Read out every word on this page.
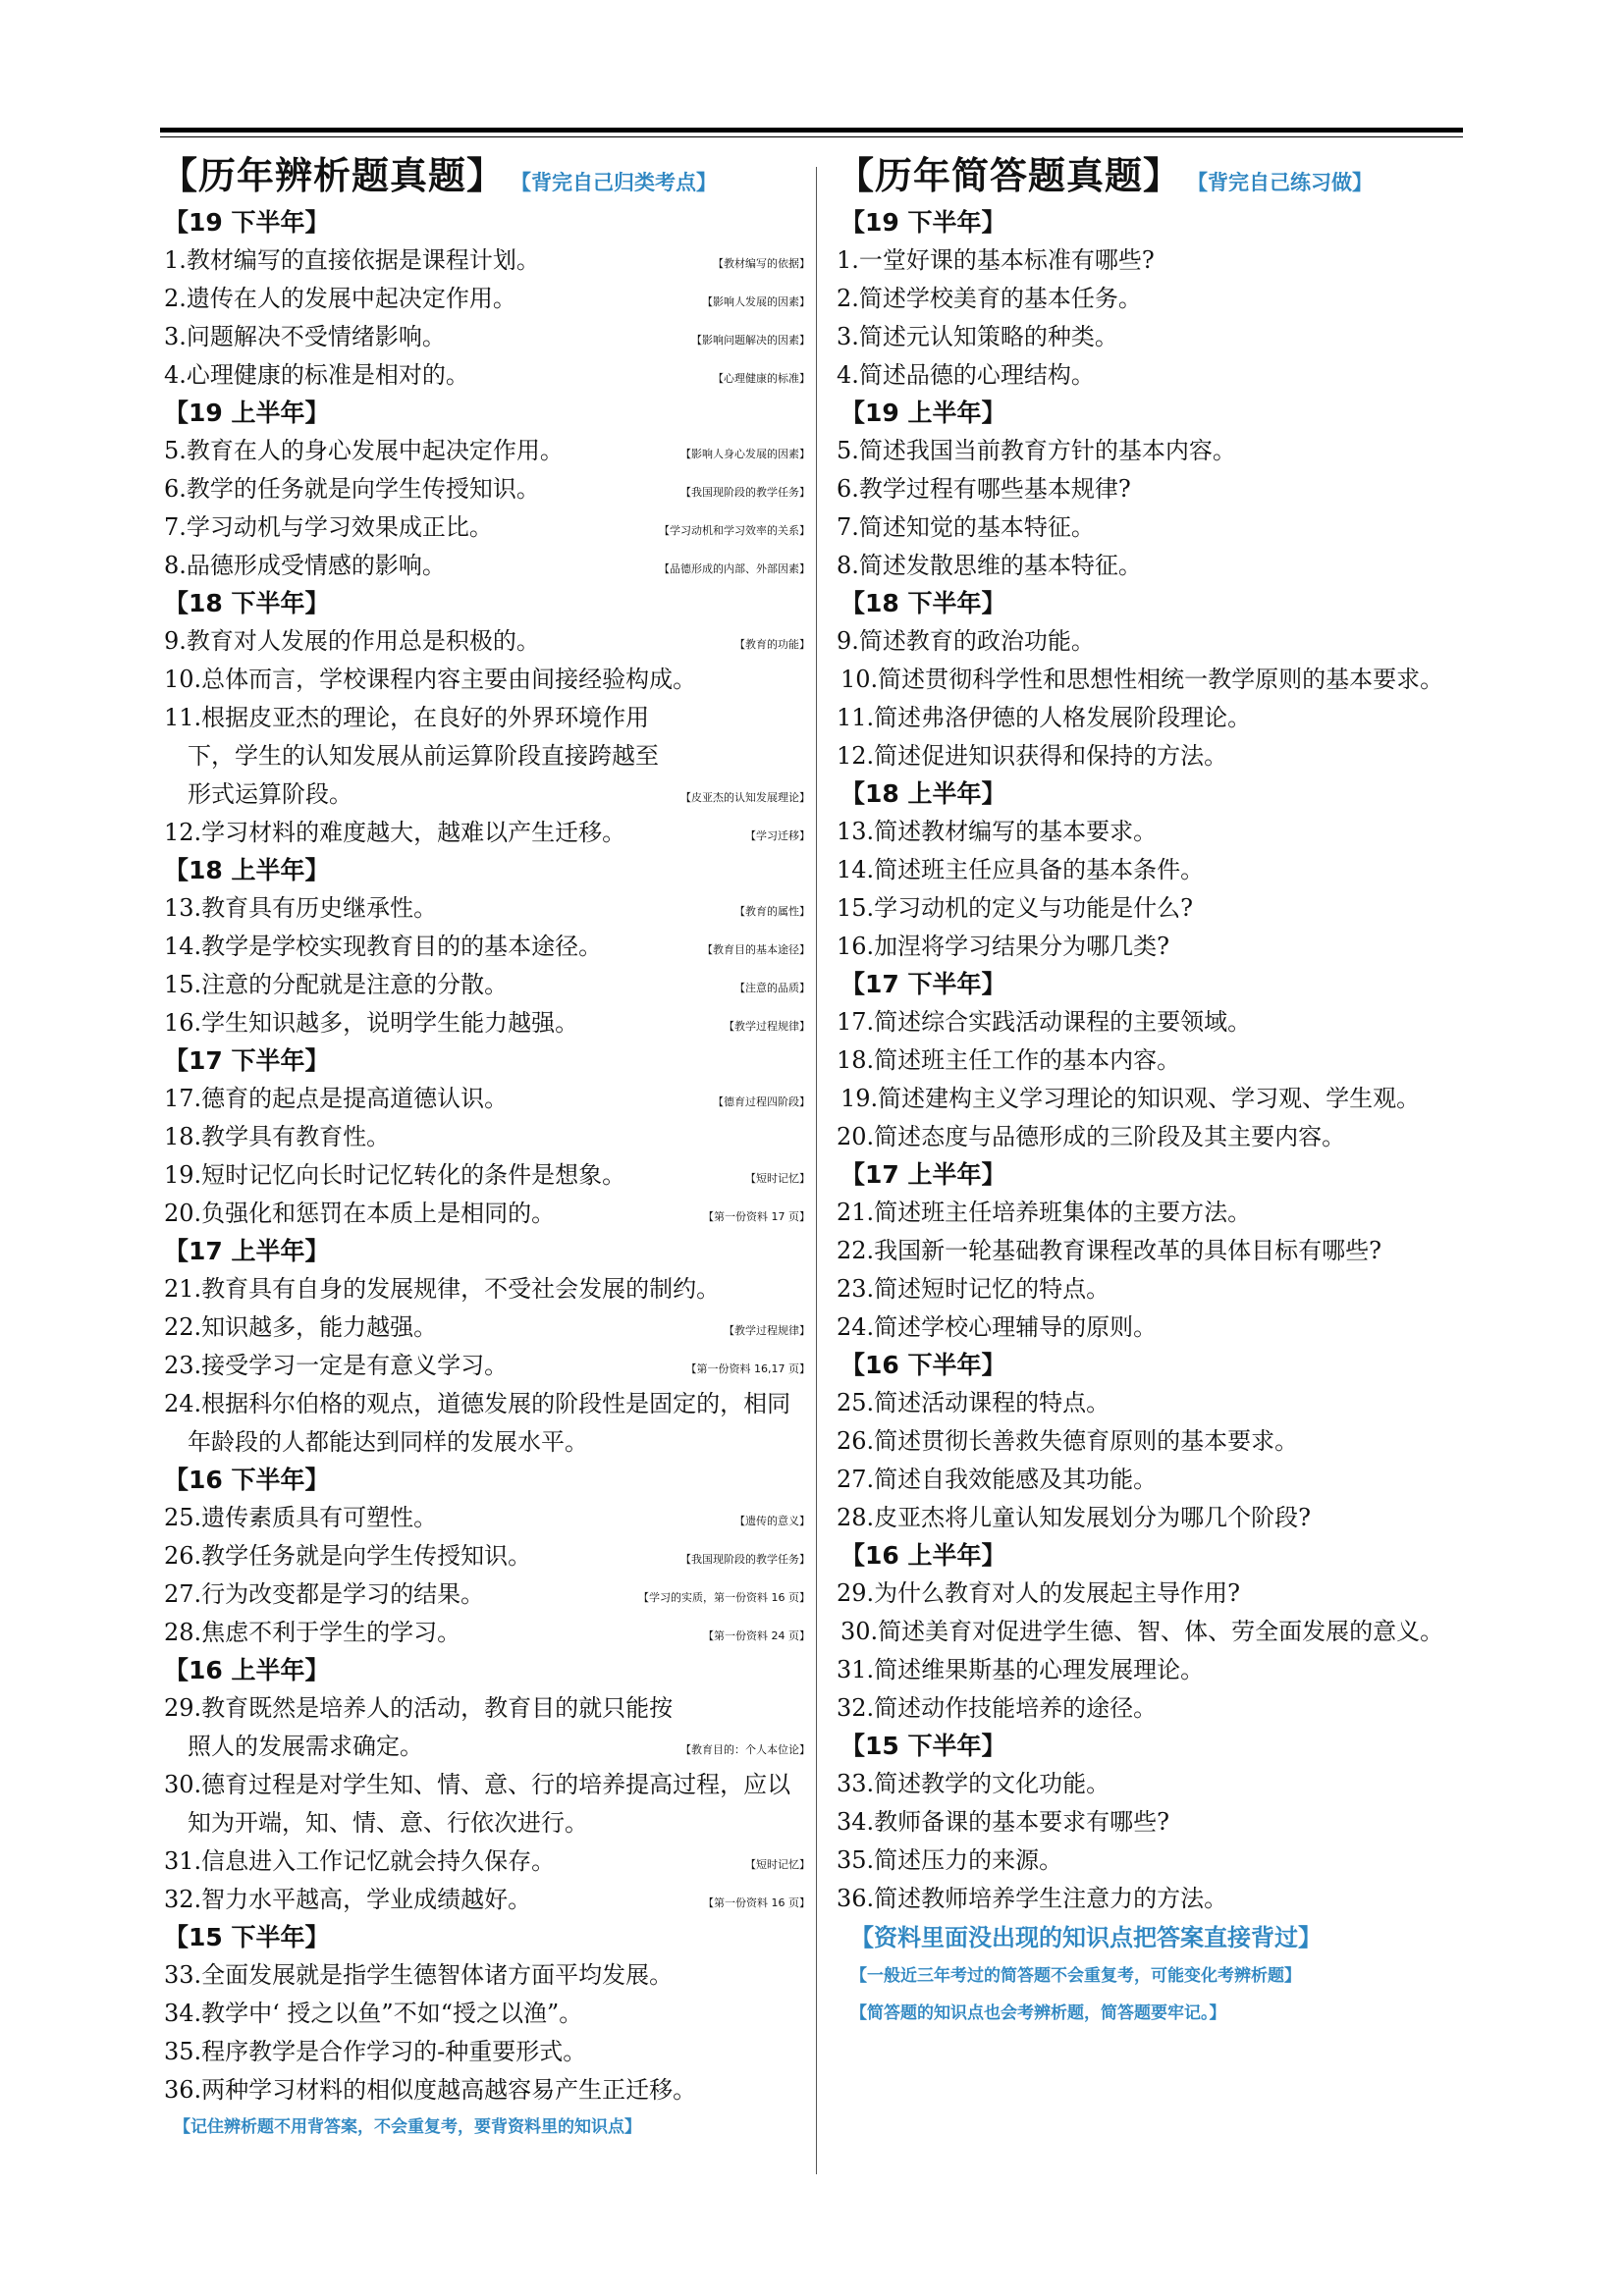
【历年辨析题真题】 【背完自己归类考点】
【19 下半年】
1.教材编写的直接依据是课程计划。	【教材编写的依据】
2.遗传在人的发展中起决定作用。	【影响人发展的因素】
3.问题解决不受情绪影响。	【影响问题解决的因素】
4.心理健康的标准是相对的。	【心理健康的标准】
【19 上半年】
5.教育在人的身心发展中起决定作用。	【影响人身心发展的因素】
6.教学的任务就是向学生传授知识。	【我国现阶段的教学任务】
7.学习动机与学习效果成正比。	【学习动机和学习效率的关系】
8.品德形成受情感的影响。	【品德形成的内部、外部因素】
【18 下半年】
9.教育对人发展的作用总是积极的。	【教育的功能】
10.总体而言，学校课程内容主要由间接经验构成。
11.根据皮亚杰的理论，在良好的外界环境作用下，学生的认知发展从前运算阶段直接跨越至形式运算阶段。	【皮亚杰的认知发展理论】
12.学习材料的难度越大，越难以产生迁移。	【学习迁移】
【18 上半年】
13.教育具有历史继承性。	【教育的属性】
14.教学是学校实现教育目的的基本途径。	【教育目的基本途径】
15.注意的分配就是注意的分散。	【注意的品质】
16.学生知识越多，说明学生能力越强。	【教学过程规律】
【17 下半年】
17.德育的起点是提高道德认识。	【德育过程四阶段】
18.教学具有教育性。
19.短时记忆向长时记忆转化的条件是想象。	【短时记忆】
20.负强化和惩罚在本质上是相同的。	【第一份资料 17 页】
【17 上半年】
21.教育具有自身的发展规律，不受社会发展的制约。
22.知识越多，能力越强。	【教学过程规律】
23.接受学习一定是有意义学习。	【第一份资料 16,17 页】
24.根据科尔伯格的观点，道德发展的阶段性是固定的，相同年龄段的人都能达到同样的发展水平。
【16 下半年】
25.遗传素质具有可塑性。	【遗传的意义】
26.教学任务就是向学生传授知识。	【我国现阶段的教学任务】
27.行为改变都是学习的结果。	【学习的实质，第一份资料 16 页】
28.焦虑不利于学生的学习。	【第一份资料 24 页】
【16 上半年】
29.教育既然是培养人的活动，教育目的就只能按照人的发展需求确定。	【教育目的：个人本位论】
30.德育过程是对学生知、情、意、行的培养提高过程，应以知为开端，知、情、意、行依次进行。
31.信息进入工作记忆就会持久保存。	【短时记忆】
32.智力水平越高，学业成绩越好。	【第一份资料 16 页】
【15 下半年】
33.全面发展就是指学生德智体诸方面平均发展。
34.教学中‘ 授之以鱼”不如“授之以渔”。
35.程序教学是合作学习的-种重要形式。
36.两种学习材料的相似度越高越容易产生正迁移。
【记住辨析题不用背答案，不会重复考，要背资料里的知识点】
【历年简答题真题】 【背完自己练习做】
【19 下半年】
1.一堂好课的基本标准有哪些?
2.简述学校美育的基本任务。
3.简述元认知策略的种类。
4.简述品德的心理结构。
【19 上半年】
5.简述我国当前教育方针的基本内容。
6.教学过程有哪些基本规律?
7.简述知觉的基本特征。
8.简述发散思维的基本特征。
【18 下半年】
9.简述教育的政治功能。
10.简述贯彻科学性和思想性相统一教学原则的基本要求。
11.简述弗洛伊德的人格发展阶段理论。
12.简述促进知识获得和保持的方法。
【18 上半年】
13.简述教材编写的基本要求。
14.简述班主任应具备的基本条件。
15.学习动机的定义与功能是什么?
16.加涅将学习结果分为哪几类?
【17 下半年】
17.简述综合实践活动课程的主要领域。
18.简述班主任工作的基本内容。
19.简述建构主义学习理论的知识观、学习观、学生观。
20.简述态度与品德形成的三阶段及其主要内容。
【17 上半年】
21.简述班主任培养班集体的主要方法。
22.我国新一轮基础教育课程改革的具体目标有哪些?
23.简述短时记忆的特点。
24.简述学校心理辅导的原则。
【16 下半年】
25.简述活动课程的特点。
26.简述贯彻长善救失德育原则的基本要求。
27.简述自我效能感及其功能。
28.皮亚杰将儿童认知发展划分为哪几个阶段?
【16 上半年】
29.为什么教育对人的发展起主导作用?
30.简述美育对促进学生德、智、体、劳全面发展的意义。
31.简述维果斯基的心理发展理论。
32.简述动作技能培养的途径。
【15 下半年】
33.简述教学的文化功能。
34.教师备课的基本要求有哪些?
35.简述压力的来源。
36.简述教师培养学生注意力的方法。
【资料里面没出现的知识点把答案直接背过】
【一般近三年考过的简答题不会重复考，可能变化考辨析题】
【简答题的知识点也会考辨析题，简答题要牢记。】
